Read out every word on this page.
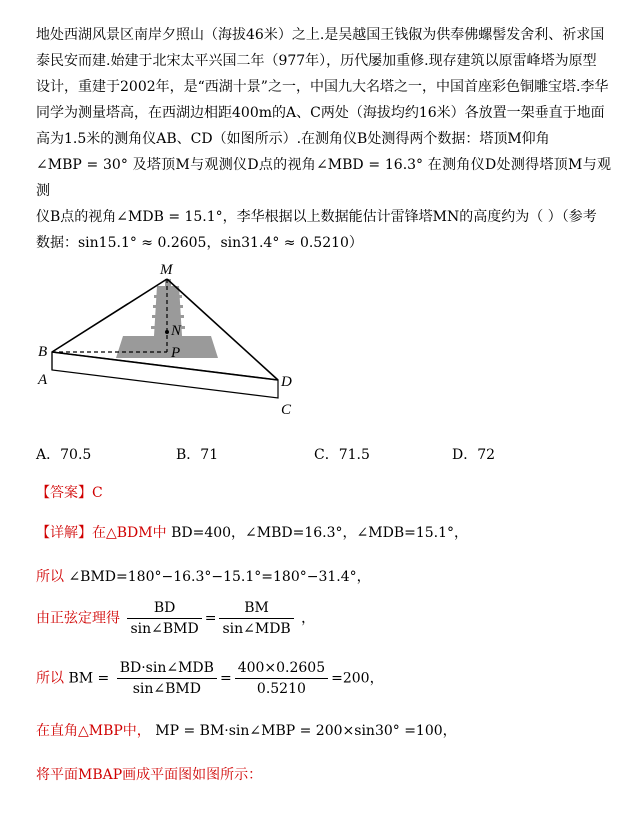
地处西湖风景区南岸夕照山（海拔46米）之上.是吴越国王钱俶为供奉佛螺髻发舍利、祈求国

泰民安而建.始建于北宋太平兴国二年（977年），历代屡加重修.现存建筑以原雷峰塔为原型

设计，重建于2002年，是“西湖十景”之一，中国九大名塔之一，中国首座彩色铜雕宝塔.李华

同学为测量塔高，在西湖边相距400m的A、C两处（海拔均约16米）各放置一架垂直于地面

高为1.5米的测角仪AB、CD（如图所示）.在测角仪B处测得两个数据：塔顶M仰角

∠MBP = 30° 及塔顶M与观测仪D点的视角∠MBD = 16.3° 在测角仪D处测得塔顶M与观测

仪B点的视角∠MDB = 15.1°，李华根据以上数据能估计雷锋塔MN的高度约为（ ）（参考

数据：sin15.1° ≈ 0.2605，sin31.4° ≈ 0.5210）

M
N
P
B
A	D
C
A．70.5	B．71	C．71.5	D．72
【答案】C
【详解】在△BDM中 BD=400，∠MBD=16.3°，∠MDB=15.1°，
所以 ∠BMD=180°−16.3°−15.1°=180°−31.4°，
由正弦定理得 $\frac{BD}{\text{sin∠BMD}} = \frac{BM}{\text{sin∠MDB}}$ ，
所以 BM = $\frac{\text{BD·sin∠MDB}}{\text{sin∠BMD}} = \frac{400\times 0.2605}{0.5210} =200$，
在直角△MBP中， MP = BM·sin∠MBP = 200×sin30° =100，
将平面MBAP画成平面图如图所示：
